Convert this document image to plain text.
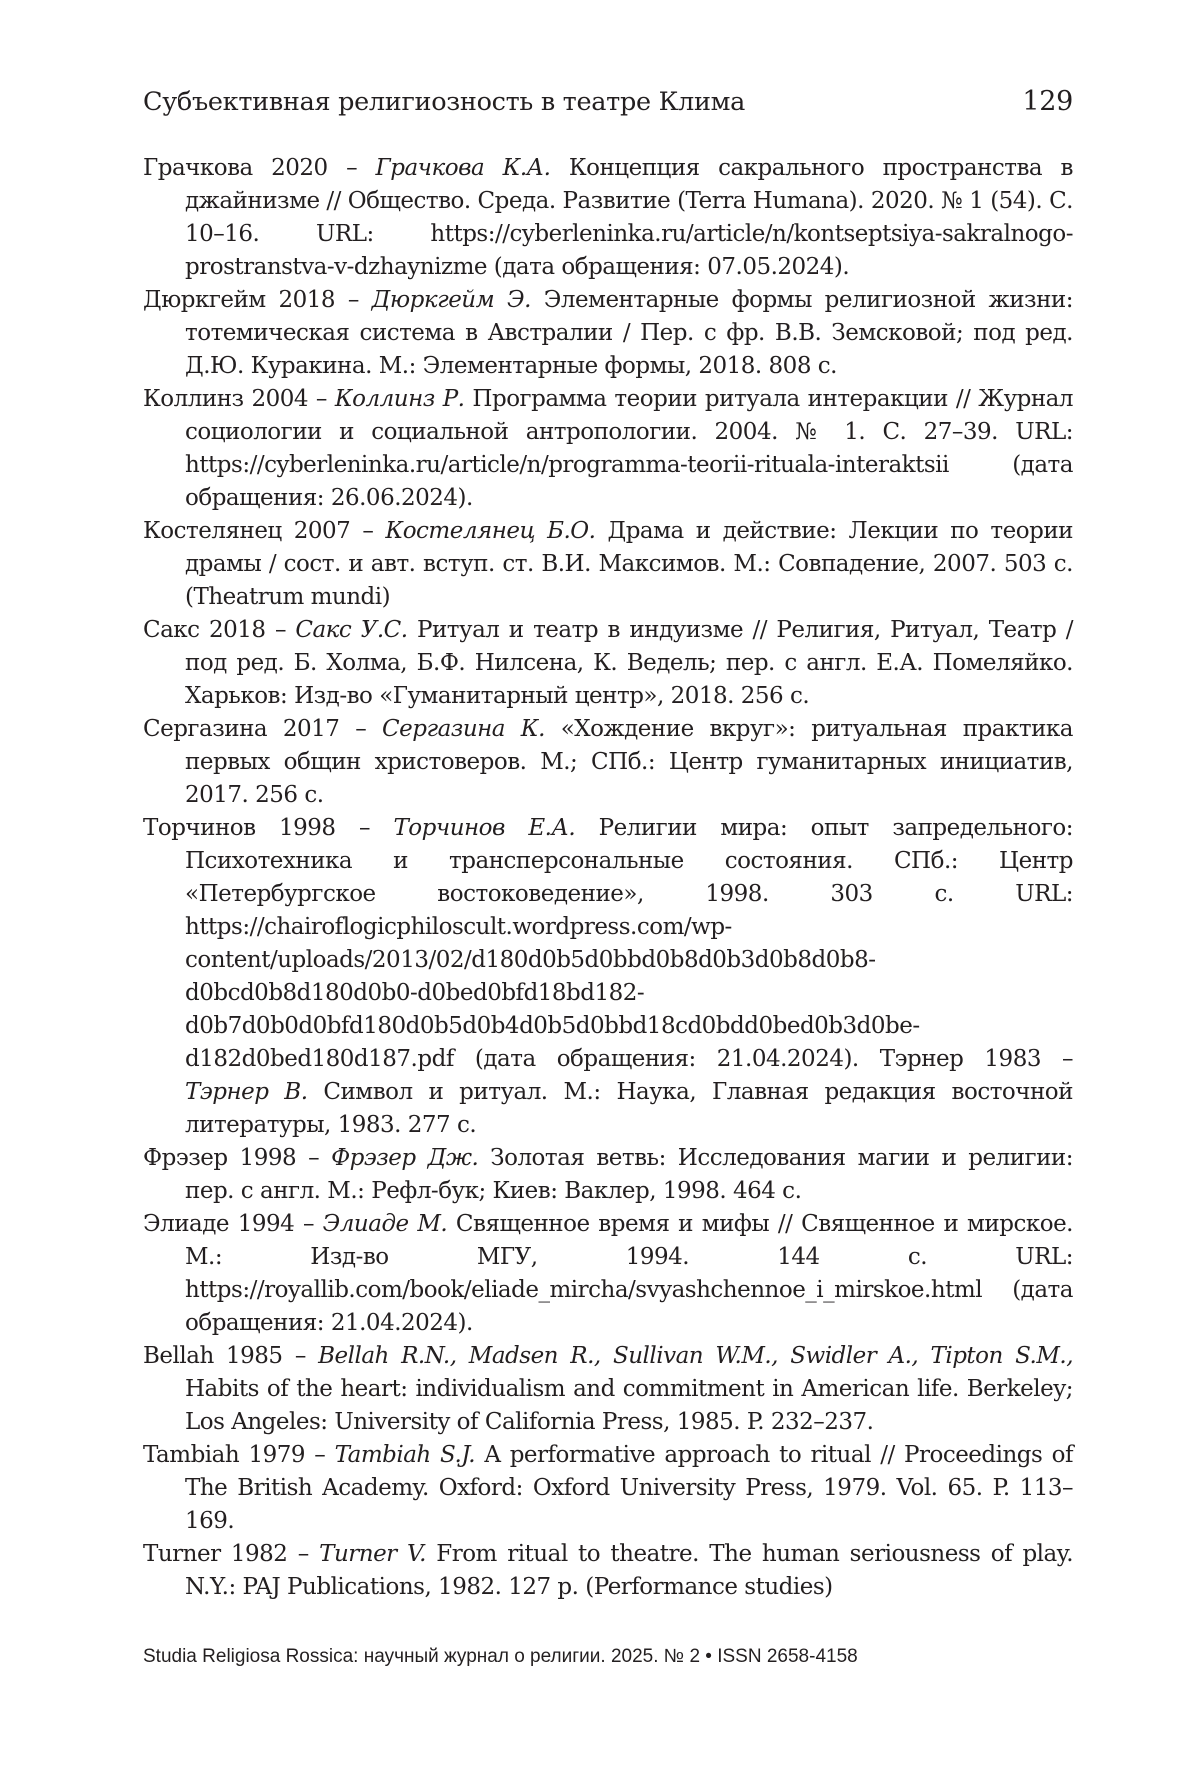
Субъективная религиозность в театре Клима	129

Грачкова 2020 – Грачкова К.А. Концепция сакрального пространства в джайнизме // Общество. Среда. Развитие (Terra Humana). 2020. № 1 (54). С. 10–16. URL: https://cyberleninka.ru/article/n/kontseptsiya-sakralnogo-prostranstva-v-dzhaynizme (дата обращения: 07.05.2024).

Дюркгейм 2018 – Дюркгейм Э. Элементарные формы религиозной жизни: тотемическая система в Австралии / Пер. с фр. В.В. Земсковой; под ред. Д.Ю. Куракина. М.: Элементарные формы, 2018. 808 с.

Коллинз 2004 – Коллинз Р. Программа теории ритуала интеракции // Журнал социологии и социальной антропологии. 2004. № 1. С. 27–39. URL: https://cyberleninka.ru/article/n/programma-teorii-rituala-interaktsii (дата обращения: 26.06.2024).

Костелянец 2007 – Костелянец Б.О. Драма и действие: Лекции по теории драмы / сост. и авт. вступ. ст. В.И. Максимов. М.: Совпадение, 2007. 503 с. (Theatrum mundi)

Сакс 2018 – Сакс У.С. Ритуал и театр в индуизме // Религия, Ритуал, Театр / под ред. Б. Холма, Б.Ф. Нилсена, К. Ведель; пер. с англ. Е.А. Помеляйко. Харьков: Изд-во «Гуманитарный центр», 2018. 256 с.

Сергазина 2017 – Сергазина К. «Хождение вкруг»: ритуальная практика первых общин христоверов. М.; СПб.: Центр гуманитарных инициатив, 2017. 256 с.

Торчинов 1998 – Торчинов Е.А. Религии мира: опыт запредельного: Психотехника и трансперсональные состояния. СПб.: Центр «Петербургское востоковедение», 1998. 303 с. URL: https://chairoflogicphiloscult.wordpress.com/wp-content/uploads/2013/02/d180d0b5d0bbd0b8d0b3d0b8d0b8-d0bcd0b8d180d0b0-d0bed0bfd18bd182-d0b7d0b0d0bfd180d0b5d0b4d0b5d0bbd18cd0bdd0bed0b3d0be-d182d0bed180d187.pdf (дата обращения: 21.04.2024). Тэрнер 1983 – Тэрнер В. Символ и ритуал. М.: Наука, Главная редакция восточной литературы, 1983. 277 с.

Фрэзер 1998 – Фрэзер Дж. Золотая ветвь: Исследования магии и религии: пер. с англ. М.: Рефл-бук; Киев: Ваклер, 1998. 464 с.

Элиаде 1994 – Элиаде М. Священное время и мифы // Священное и мирское. М.: Изд-во МГУ, 1994. 144 с. URL: https://royallib.com/book/eliade_mircha/svyashchennoe_i_mirskoe.html (дата обращения: 21.04.2024).

Bellah 1985 – Bellah R.N., Madsen R., Sullivan W.M., Swidler A., Tipton S.M., Habits of the heart: individualism and commitment in American life. Berkeley; Los Angeles: University of California Press, 1985. P. 232–237.

Tambiah 1979 – Tambiah S.J. A performative approach to ritual // Proceedings of The British Academy. Oxford: Oxford University Press, 1979. Vol. 65. P. 113–169.

Turner 1982 – Turner V. From ritual to theatre. The human seriousness of play. N.Y.: PAJ Publications, 1982. 127 p. (Performance studies)

Studia Religiosa Rossica: научный журнал о религии. 2025. № 2 • ISSN 2658-4158
